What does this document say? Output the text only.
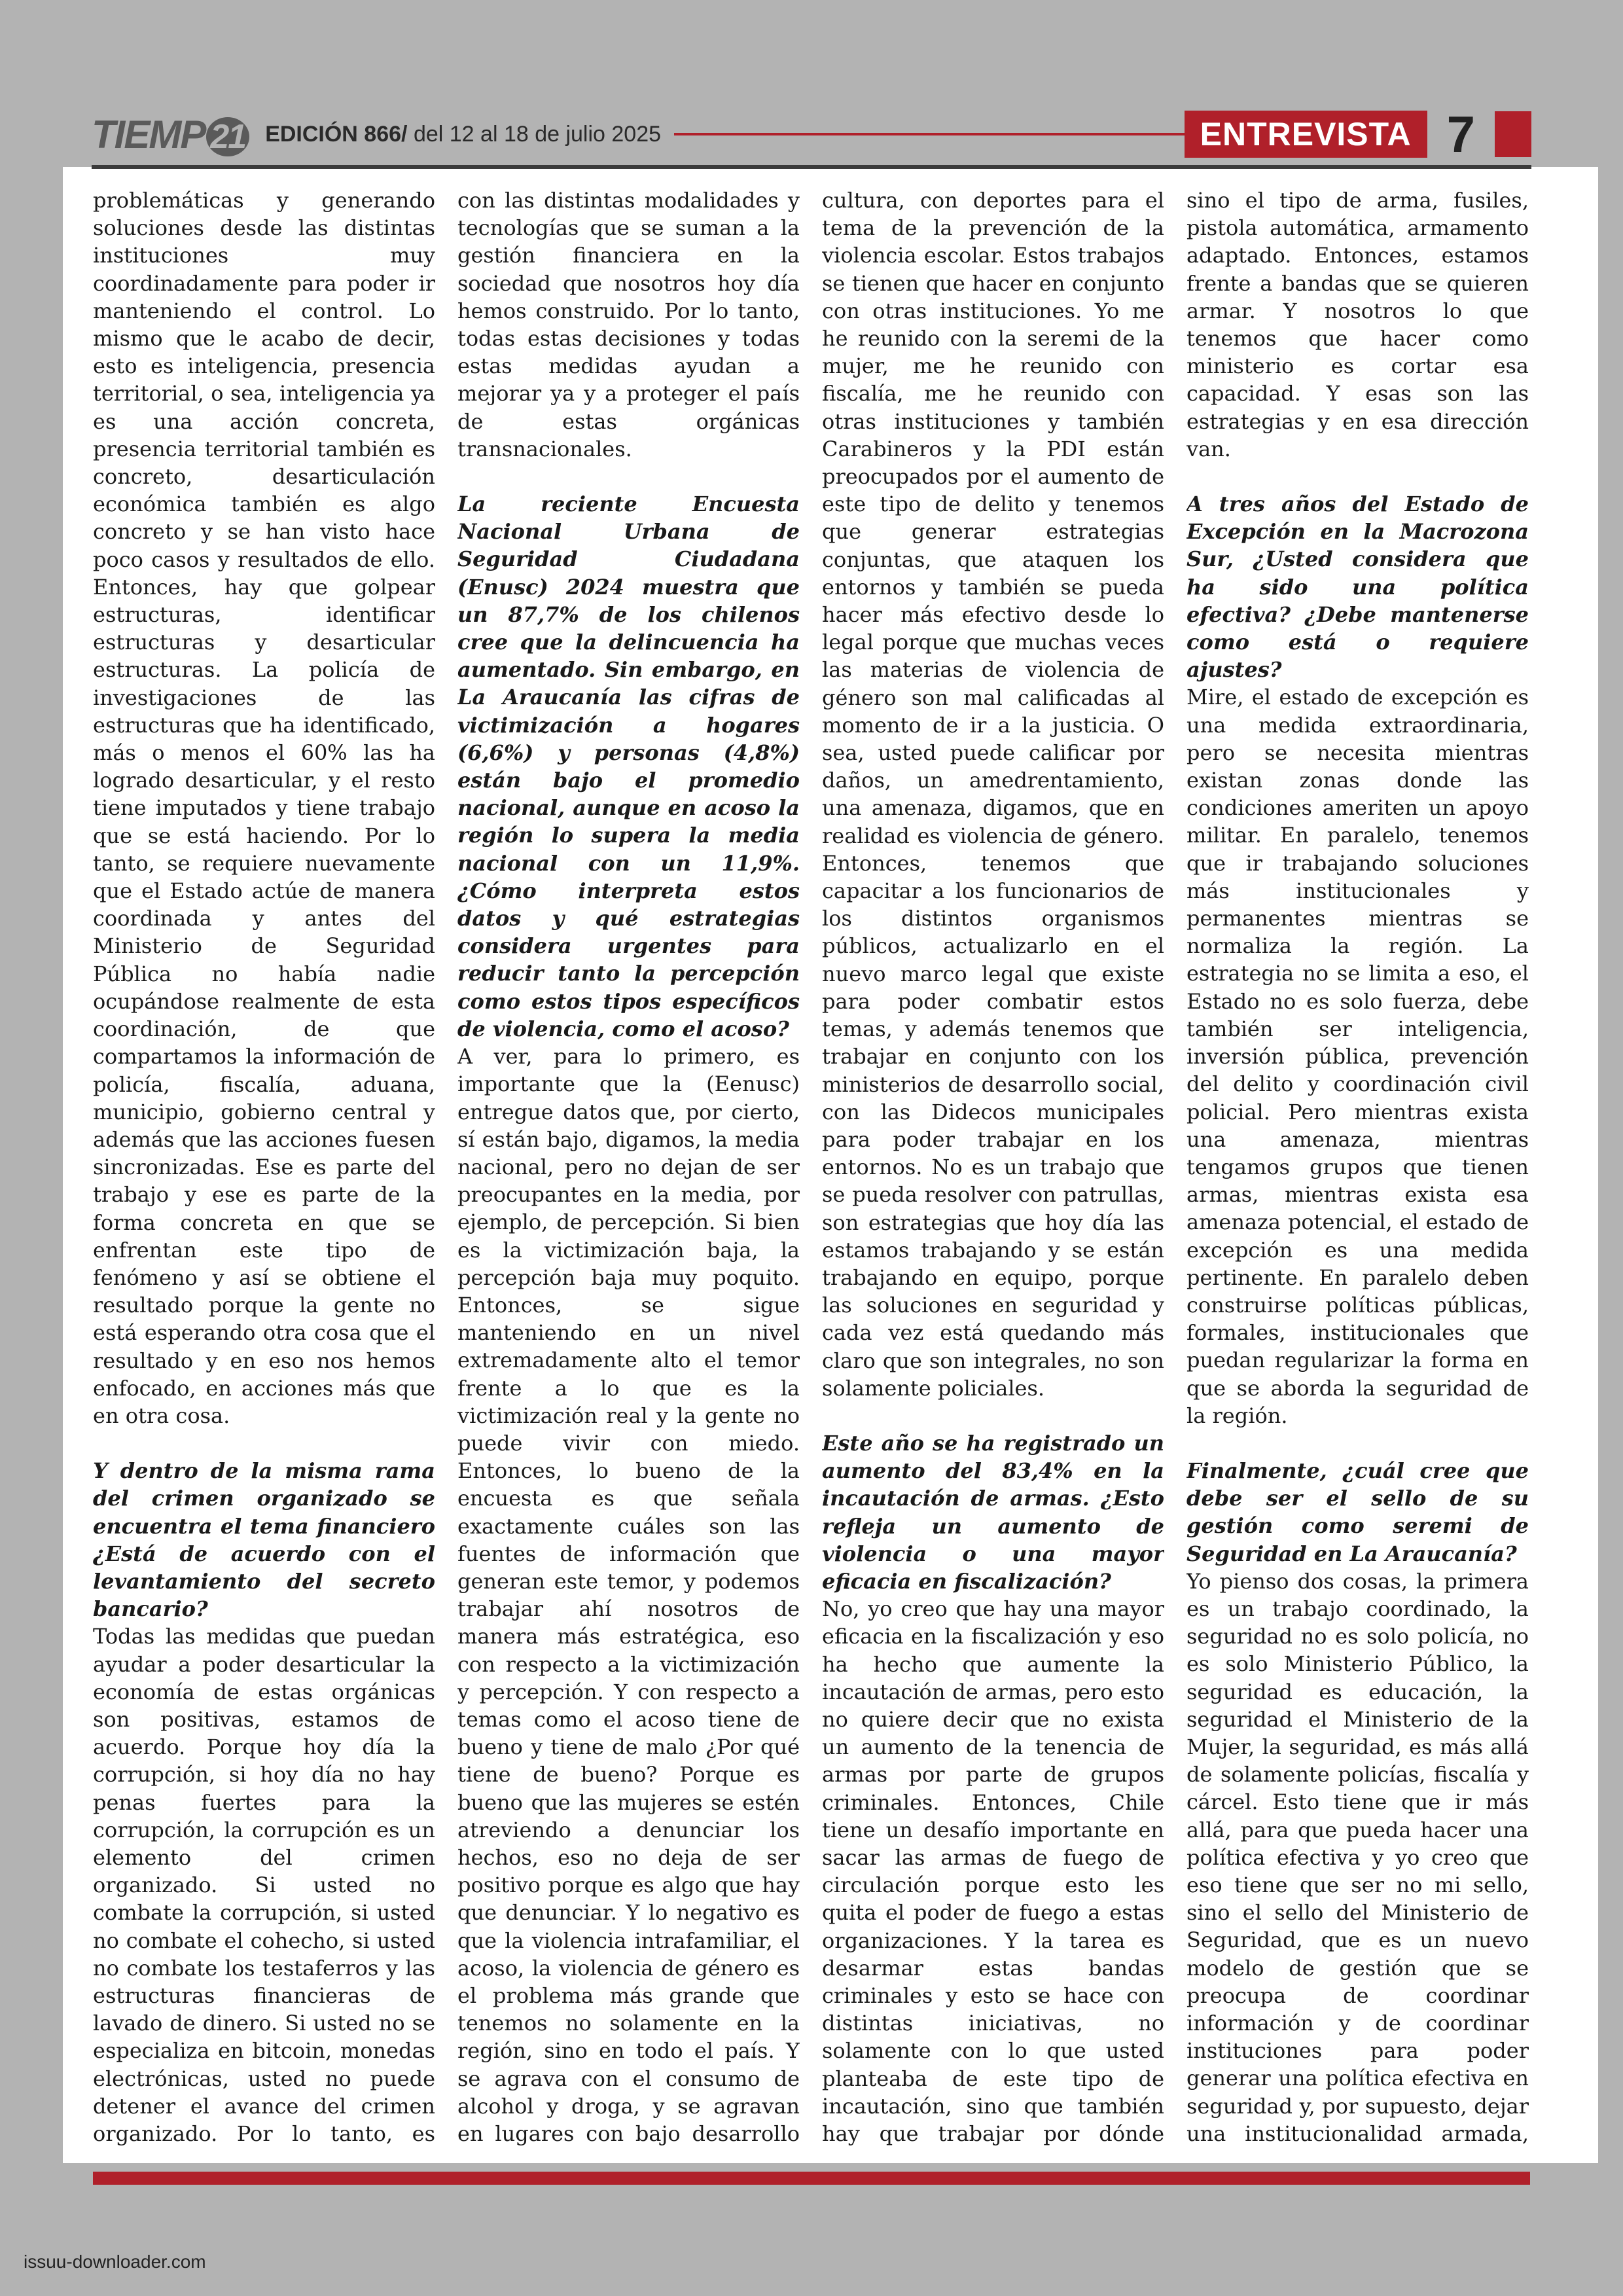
TIEMP 21 EDICIÓN 866/ del 12 al 18 de julio 2025	ENTREVISTA 7

problemáticas y generando soluciones desde las distintas instituciones muy coordinadamente para poder ir manteniendo el control. Lo mismo que le acabo de decir, esto es inteligencia, presencia territorial, o sea, inteligencia ya es una acción concreta, presencia territorial también es concreto, desarticulación económica también es algo concreto y se han visto hace poco casos y resultados de ello. Entonces, hay que golpear estructuras, identificar estructuras y desarticular estructuras. La policía de investigaciones de las estructuras que ha identificado, más o menos el 60% las ha logrado desarticular, y el resto tiene imputados y tiene trabajo que se está haciendo. Por lo tanto, se requiere nuevamente que el Estado actúe de manera coordinada y antes del Ministerio de Seguridad Pública no había nadie ocupándose realmente de esta coordinación, de que compartamos la información de policía, fiscalía, aduana, municipio, gobierno central y además que las acciones fuesen sincronizadas. Ese es parte del trabajo y ese es parte de la forma concreta en que se enfrentan este tipo de fenómeno y así se obtiene el resultado porque la gente no está esperando otra cosa que el resultado y en eso nos hemos enfocado, en acciones más que en otra cosa.

Y dentro de la misma rama del crimen organizado se encuentra el tema financiero ¿Está de acuerdo con el levantamiento del secreto bancario?

Todas las medidas que puedan ayudar a poder desarticular la economía de estas orgánicas son positivas, estamos de acuerdo. Porque hoy día la corrupción, si hoy día no hay penas fuertes para la corrupción, la corrupción es un elemento del crimen organizado. Si usted no combate la corrupción, si usted no combate el cohecho, si usted no combate los testaferros y las estructuras financieras de lavado de dinero. Si usted no se especializa en bitcoin, monedas electrónicas, usted no puede detener el avance del crimen organizado. Por lo tanto, es

con las distintas modalidades y tecnologías que se suman a la gestión financiera en la sociedad que nosotros hoy día hemos construido. Por lo tanto, todas estas decisiones y todas estas medidas ayudan a mejorar ya y a proteger el país de estas orgánicas transnacionales.

La reciente Encuesta Nacional Urbana de Seguridad Ciudadana (Enusc) 2024 muestra que un 87,7% de los chilenos cree que la delincuencia ha aumentado. Sin embargo, en La Araucanía las cifras de victimización a hogares (6,6%) y personas (4,8%) están bajo el promedio nacional, aunque en acoso la región lo supera la media nacional con un 11,9%. ¿Cómo interpreta estos datos y qué estrategias considera urgentes para reducir tanto la percepción como estos tipos específicos de violencia, como el acoso?

A ver, para lo primero, es importante que la (Eenusc) entregue datos que, por cierto, sí están bajo, digamos, la media nacional, pero no dejan de ser preocupantes en la media, por ejemplo, de percepción. Si bien es la victimización baja, la percepción baja muy poquito. Entonces, se sigue manteniendo en un nivel extremadamente alto el temor frente a lo que es la victimización real y la gente no puede vivir con miedo. Entonces, lo bueno de la encuesta es que señala exactamente cuáles son las fuentes de información que generan este temor, y podemos trabajar ahí nosotros de manera más estratégica, eso con respecto a la victimización y percepción. Y con respecto a temas como el acoso tiene de bueno y tiene de malo ¿Por qué tiene de bueno? Porque es bueno que las mujeres se estén atreviendo a denunciar los hechos, eso no deja de ser positivo porque es algo que hay que denunciar. Y lo negativo es que la violencia intrafamiliar, el acoso, la violencia de género es el problema más grande que tenemos no solamente en la región, sino en todo el país. Y se agrava con el consumo de alcohol y droga, y se agravan en lugares con bajo desarrollo

cultura, con deportes para el tema de la prevención de la violencia escolar. Estos trabajos se tienen que hacer en conjunto con otras instituciones. Yo me he reunido con la seremi de la mujer, me he reunido con fiscalía, me he reunido con otras instituciones y también Carabineros y la PDI están preocupados por el aumento de este tipo de delito y tenemos que generar estrategias conjuntas, que ataquen los entornos y también se pueda hacer más efectivo desde lo legal porque que muchas veces las materias de violencia de género son mal calificadas al momento de ir a la justicia. O sea, usted puede calificar por daños, un amedrentamiento, una amenaza, digamos, que en realidad es violencia de género. Entonces, tenemos que capacitar a los funcionarios de los distintos organismos públicos, actualizarlo en el nuevo marco legal que existe para poder combatir estos temas, y además tenemos que trabajar en conjunto con los ministerios de desarrollo social, con las Didecos municipales para poder trabajar en los entornos. No es un trabajo que se pueda resolver con patrullas, son estrategias que hoy día las estamos trabajando y se están trabajando en equipo, porque las soluciones en seguridad y cada vez está quedando más claro que son integrales, no son solamente policiales.

Este año se ha registrado un aumento del 83,4% en la incautación de armas. ¿Esto refleja un aumento de violencia o una mayor eficacia en fiscalización?

No, yo creo que hay una mayor eficacia en la fiscalización y eso ha hecho que aumente la incautación de armas, pero esto no quiere decir que no exista un aumento de la tenencia de armas por parte de grupos criminales. Entonces, Chile tiene un desafío importante en sacar las armas de fuego de circulación porque esto les quita el poder de fuego a estas organizaciones. Y la tarea es desarmar estas bandas criminales y esto se hace con distintas iniciativas, no solamente con lo que usted planteaba de este tipo de incautación, sino que también hay que trabajar por dónde

sino el tipo de arma, fusiles, pistola automática, armamento adaptado. Entonces, estamos frente a bandas que se quieren armar. Y nosotros lo que tenemos que hacer como ministerio es cortar esa capacidad. Y esas son las estrategias y en esa dirección van.

A tres años del Estado de Excepción en la Macrozona Sur, ¿Usted considera que ha sido una política efectiva? ¿Debe mantenerse como está o requiere ajustes?

Mire, el estado de excepción es una medida extraordinaria, pero se necesita mientras existan zonas donde las condiciones ameriten un apoyo militar. En paralelo, tenemos que ir trabajando soluciones más institucionales y permanentes mientras se normaliza la región. La estrategia no se limita a eso, el Estado no es solo fuerza, debe también ser inteligencia, inversión pública, prevención del delito y coordinación civil policial. Pero mientras exista una amenaza, mientras tengamos grupos que tienen armas, mientras exista esa amenaza potencial, el estado de excepción es una medida pertinente. En paralelo deben construirse políticas públicas, formales, institucionales que puedan regularizar la forma en que se aborda la seguridad de la región.

Finalmente, ¿cuál cree que debe ser el sello de su gestión como seremi de Seguridad en La Araucanía?

Yo pienso dos cosas, la primera es un trabajo coordinado, la seguridad no es solo policía, no es solo Ministerio Público, la seguridad es educación, la seguridad el Ministerio de la Mujer, la seguridad, es más allá de solamente policías, fiscalía y cárcel. Esto tiene que ir más allá, para que pueda hacer una política efectiva y yo creo que eso tiene que ser no mi sello, sino el sello del Ministerio de Seguridad, que es un nuevo modelo de gestión que se preocupa de coordinar información y de coordinar instituciones para poder generar una política efectiva en seguridad y, por supuesto, dejar una institucionalidad armada,

issuu-downloader.com
